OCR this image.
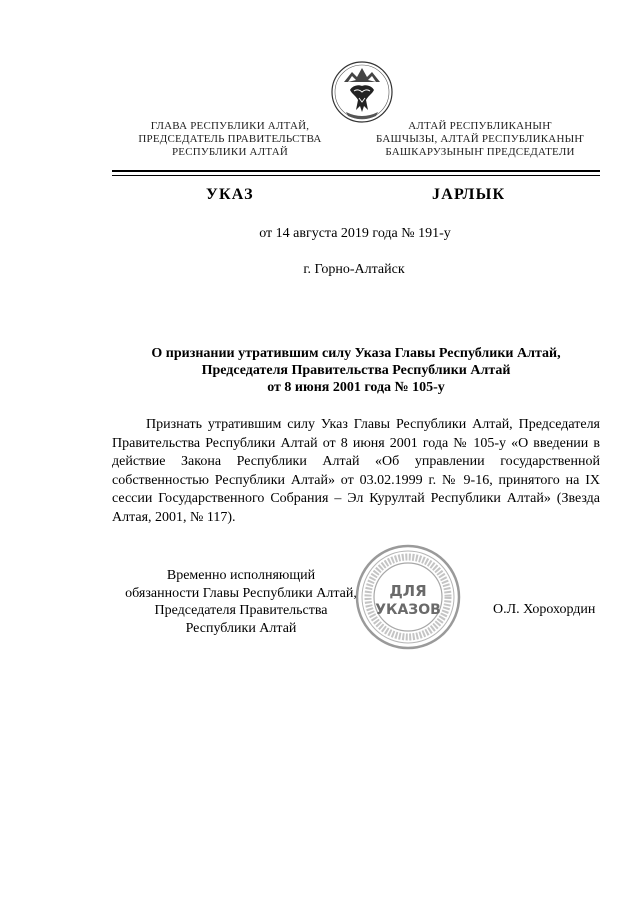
ГЛАВА РЕСПУБЛИКИ АЛТАЙ,
ПРЕДСЕДАТЕЛЬ ПРАВИТЕЛЬСТВА
РЕСПУБЛИКИ АЛТАЙ
АЛТАЙ РЕСПУБЛИКАНЫҤ
БАШЧЫЗЫ, АЛТАЙ РЕСПУБЛИКАНЫҤ
БАШКАРУЗЫНЫҤ ПРЕДСЕДАТЕЛИ
УКАЗ	JАРЛЫК
от 14 августа 2019 года № 191-у
г. Горно-Алтайск
О признании утратившим силу Указа Главы Республики Алтай,
Председателя Правительства Республики Алтай
от 8 июня 2001 года № 105-у
Признать утратившим силу Указ Главы Республики Алтай, Председателя Правительства Республики Алтай от 8 июня 2001 года № 105-у «О введении в действие Закона Республики Алтай «Об управлении государственной собственностью Республики Алтай» от 03.02.1999 г. № 9-16, принятого на IX сессии Государственного Собрания – Эл Курултай Республики Алтай» (Звезда Алтая, 2001, № 117).
Временно исполняющий
обязанности Главы Республики Алтай,
Председателя Правительства
Республики Алтай
О.Л. Хорохордин
ДЛЯ
УКАЗОВ
